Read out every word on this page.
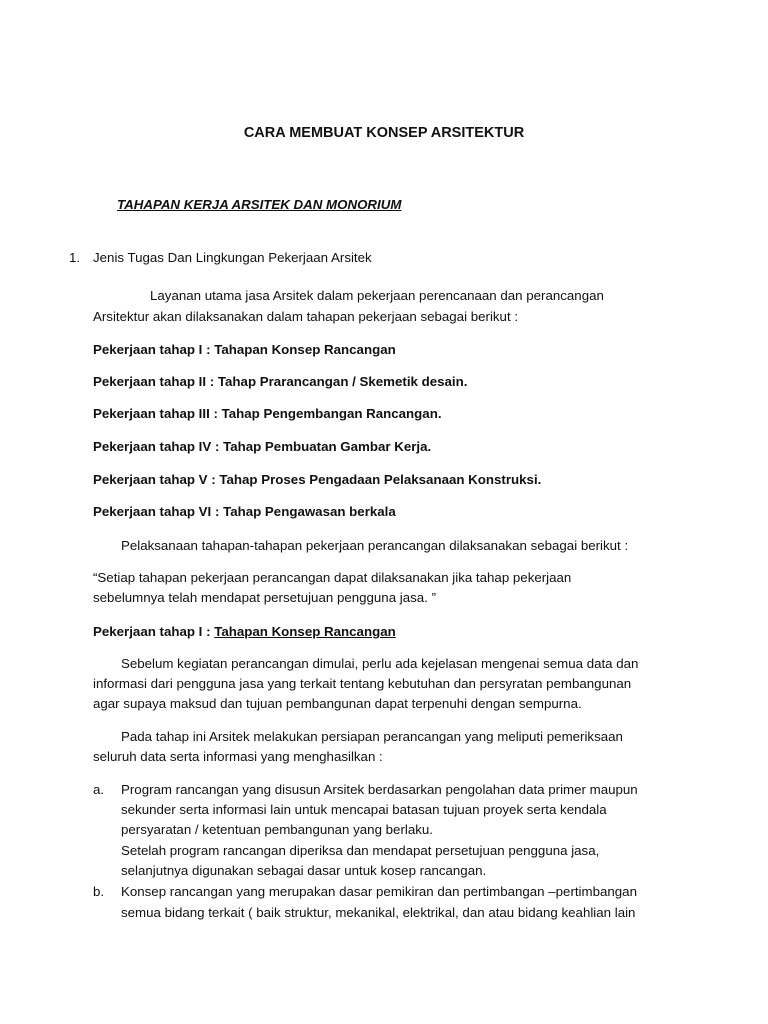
CARA MEMBUAT KONSEP ARSITEKTUR
TAHAPAN KERJA ARSITEK DAN MONORIUM
1. Jenis Tugas Dan Lingkungan Pekerjaan Arsitek
Layanan utama jasa Arsitek dalam pekerjaan perencanaan dan perancangan
Arsitektur akan dilaksanakan dalam tahapan pekerjaan sebagai berikut :
Pekerjaan tahap I : Tahapan Konsep Rancangan
Pekerjaan tahap II : Tahap Prarancangan / Skemetik desain.
Pekerjaan tahap III : Tahap Pengembangan Rancangan.
Pekerjaan tahap IV : Tahap Pembuatan Gambar Kerja.
Pekerjaan tahap V : Tahap Proses Pengadaan Pelaksanaan Konstruksi.
Pekerjaan tahap VI : Tahap Pengawasan berkala
Pelaksanaan tahapan-tahapan pekerjaan perancangan dilaksanakan sebagai berikut :
“Setiap tahapan pekerjaan perancangan dapat dilaksanakan jika tahap pekerjaan
sebelumnya telah mendapat persetujuan pengguna jasa. ”
Pekerjaan tahap I : Tahapan Konsep Rancangan
Sebelum kegiatan perancangan dimulai, perlu ada kejelasan mengenai semua data dan
informasi dari pengguna jasa yang terkait tentang kebutuhan dan persyratan pembangunan
agar supaya maksud dan tujuan pembangunan dapat terpenuhi dengan sempurna.
Pada tahap ini Arsitek melakukan persiapan perancangan yang meliputi pemeriksaan
seluruh data serta informasi yang menghasilkan :
a. Program rancangan yang disusun Arsitek berdasarkan pengolahan data primer maupun
sekunder serta informasi lain untuk mencapai batasan tujuan proyek serta kendala
persyaratan / ketentuan pembangunan yang berlaku.
Setelah program rancangan diperiksa dan mendapat persetujuan pengguna jasa,
selanjutnya digunakan sebagai dasar untuk kosep rancangan.
b. Konsep rancangan yang merupakan dasar pemikiran dan pertimbangan –pertimbangan
semua bidang terkait ( baik struktur, mekanikal, elektrikal, dan atau bidang keahlian lain
